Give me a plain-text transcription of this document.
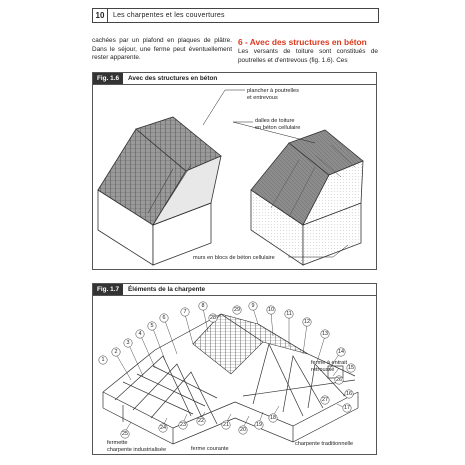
10	Les charpentes et les couvertures
cachées par un plafond en plaques de plâtre. Dans le séjour, une ferme peut éventuellement rester apparente.
6 - Avec des structures en béton
Les versants de toiture sont constitués de poutrelles et d'entrevous (fig. 1.6). Ces
Fig. 1.6	Avec des structures en béton
plancher à poutrelles
et entrevous
dalles de toiture
en béton cellulaire
murs en blocs de béton cellulaire
Fig. 1.7	Éléments de la charpente
1
2
3
4
5
6
7
8	9
10
11
12
13
14
15
16
17
18
19
20
21
22
23
24
25
26
27
28
29
ferme à entrait
retroussé
fermette
charpente industrialisée	ferme courante
charpente traditionnelle
